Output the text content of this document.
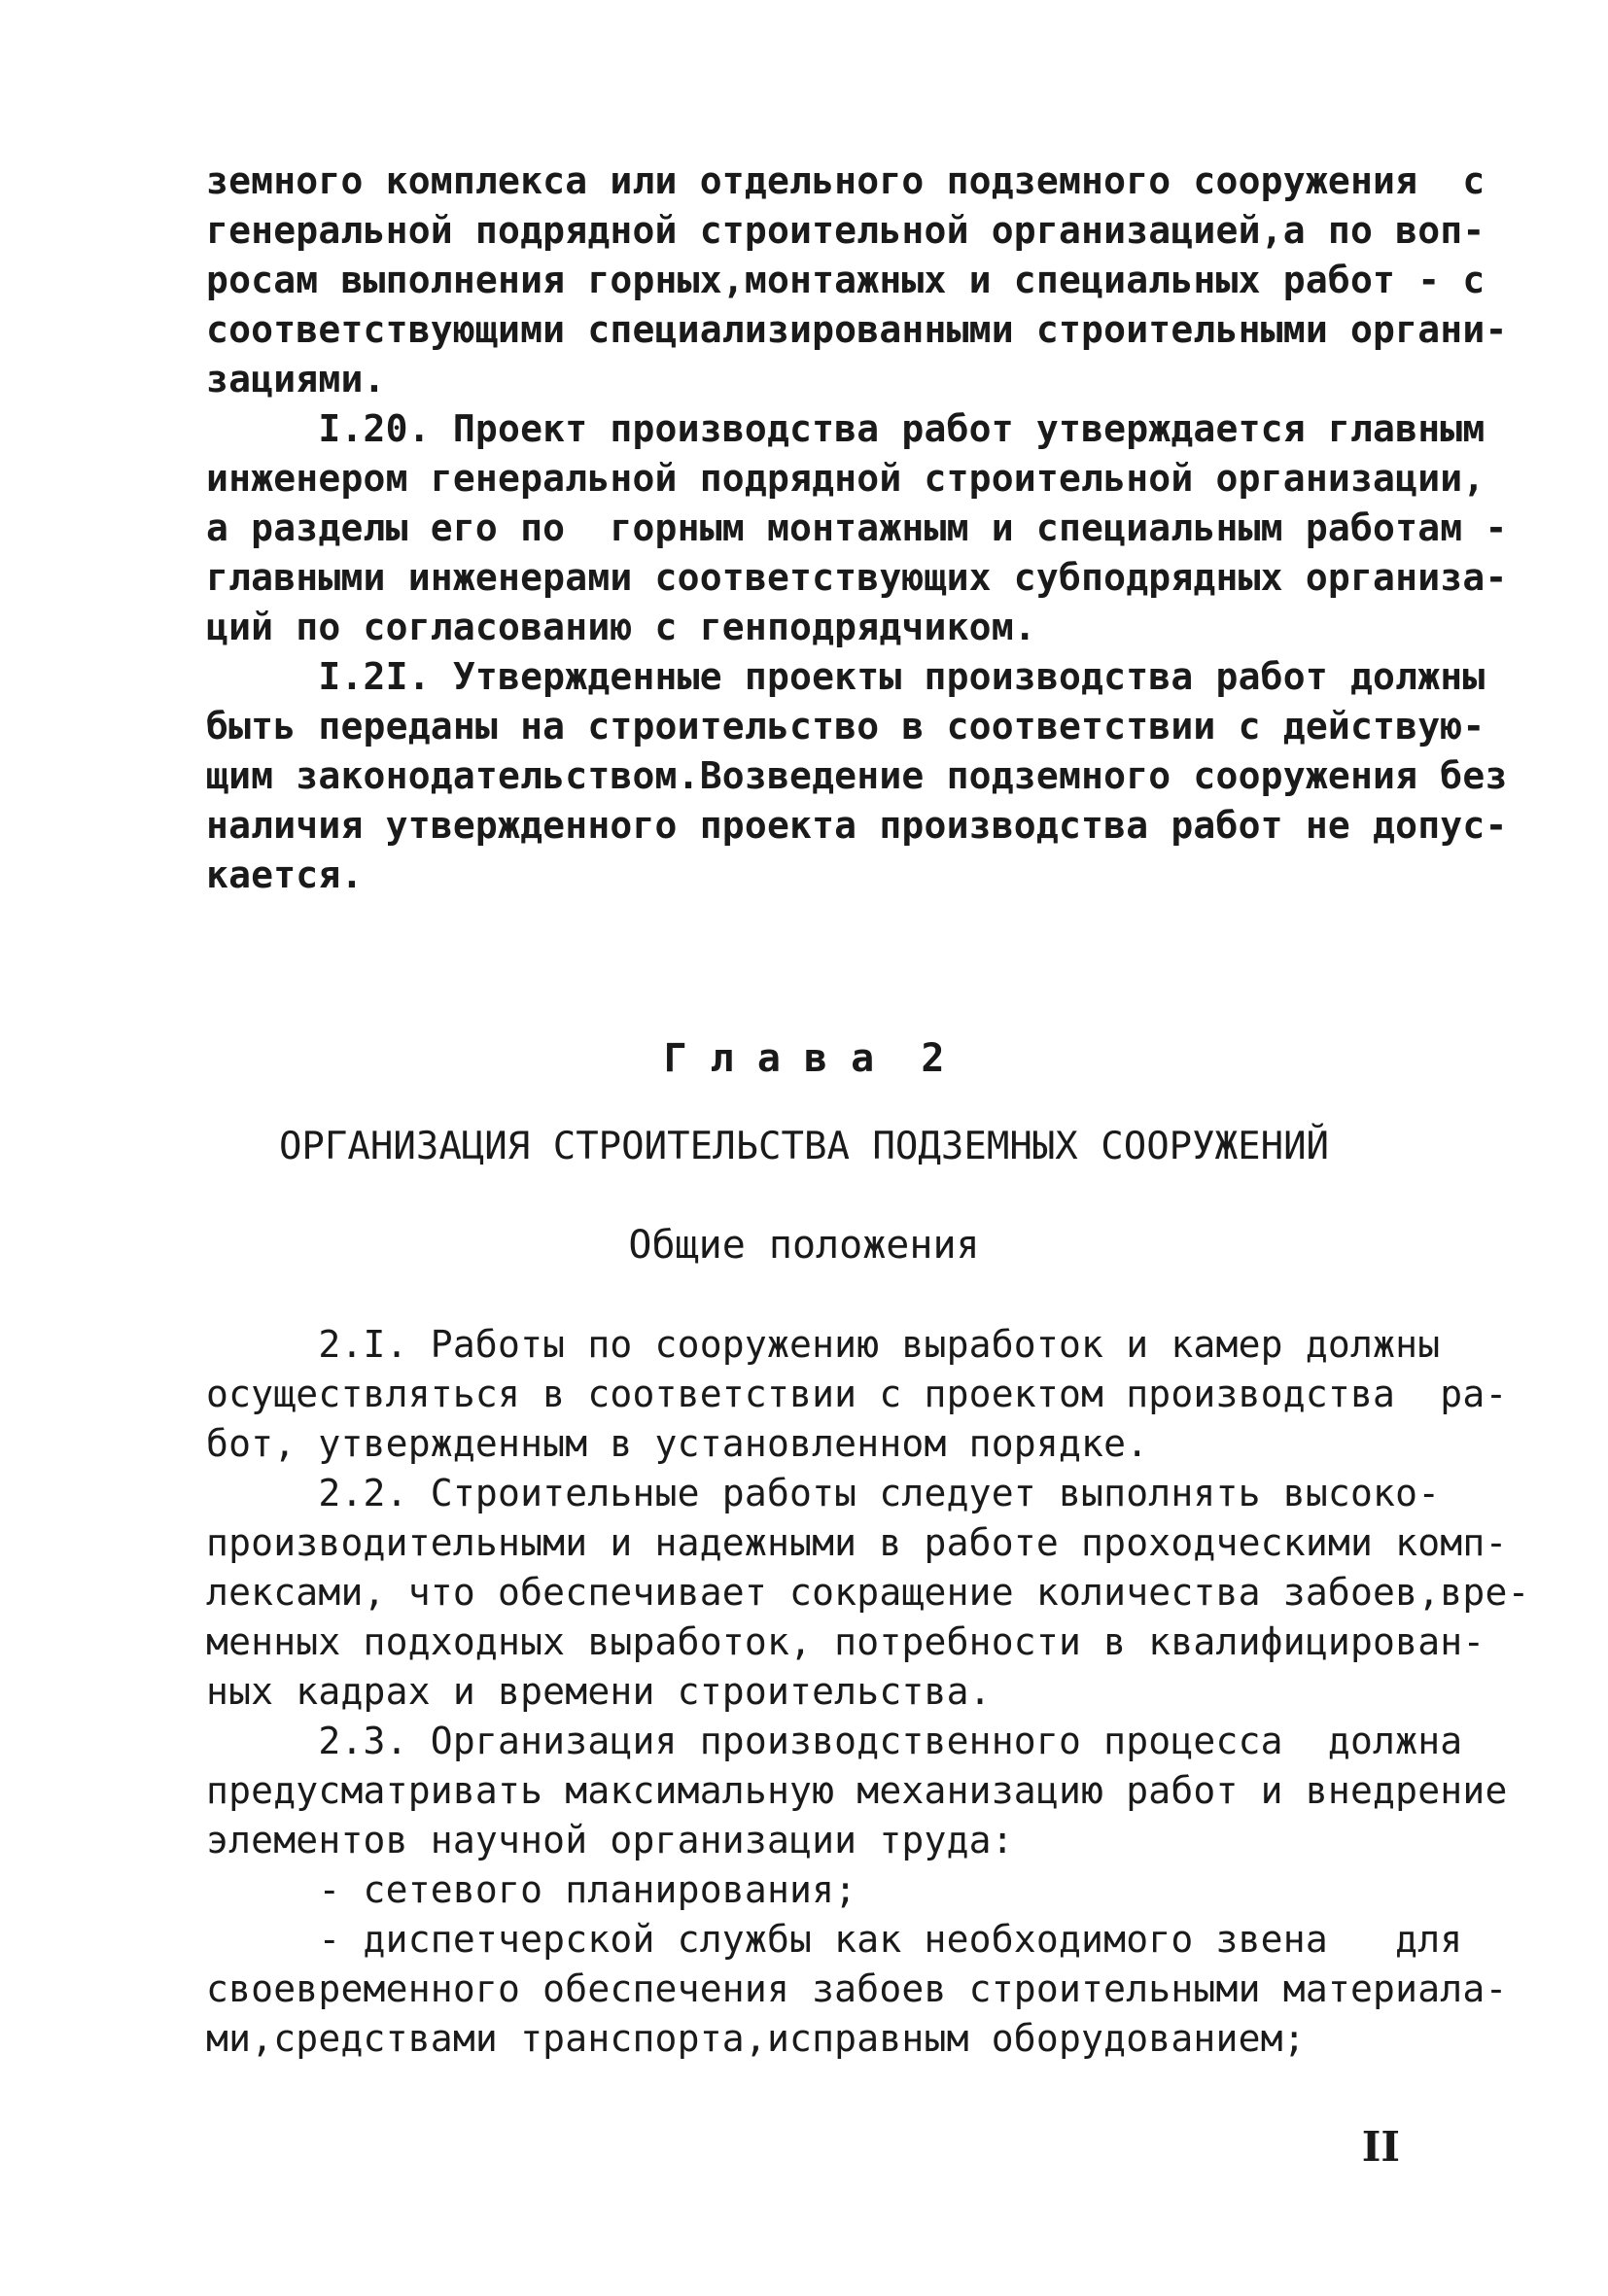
земного комплекса или отдельного подземного сооружения  с

генеральной подрядной строительной организацией,а по воп-

росам выполнения горных,монтажных и специальных работ - с

соответствующими специализированными строительными органи-

зациями.

I.20. Проект производства работ утверждается главным

инженером генеральной подрядной строительной организации,

а разделы его по  горным монтажным и специальным работам -

главными инженерами соответствующих субподрядных организа-

ций по согласованию с генподрядчиком.

I.2I. Утвержденные проекты производства работ должны

быть переданы на строительство в соответствии с действую-

щим законодательством.Возведение подземного сооружения без

наличия утвержденного проекта производства работ не допус-

кается.

Г л а в а  2

ОРГАНИЗАЦИЯ СТРОИТЕЛЬСТВА ПОДЗЕМНЫХ СООРУЖЕНИЙ

Общие положения

2.I. Работы по сооружению выработок и камер должны

осуществляться в соответствии с проектом производства  ра-

бот, утвержденным в установленном порядке.

2.2. Строительные работы следует выполнять высоко-

производительными и надежными в работе проходческими комп-

лексами, что обеспечивает сокращение количества забоев,вре-

менных подходных выработок, потребности в квалифицирован-

ных кадрах и времени строительства.

2.3. Организация производственного процесса  должна

предусматривать максимальную механизацию работ и внедрение

элементов научной организации труда:

- сетевого планирования;

- диспетчерской службы как необходимого звена   для

своевременного обеспечения забоев строительными материала-

ми,средствами транспорта,исправным оборудованием;

II
